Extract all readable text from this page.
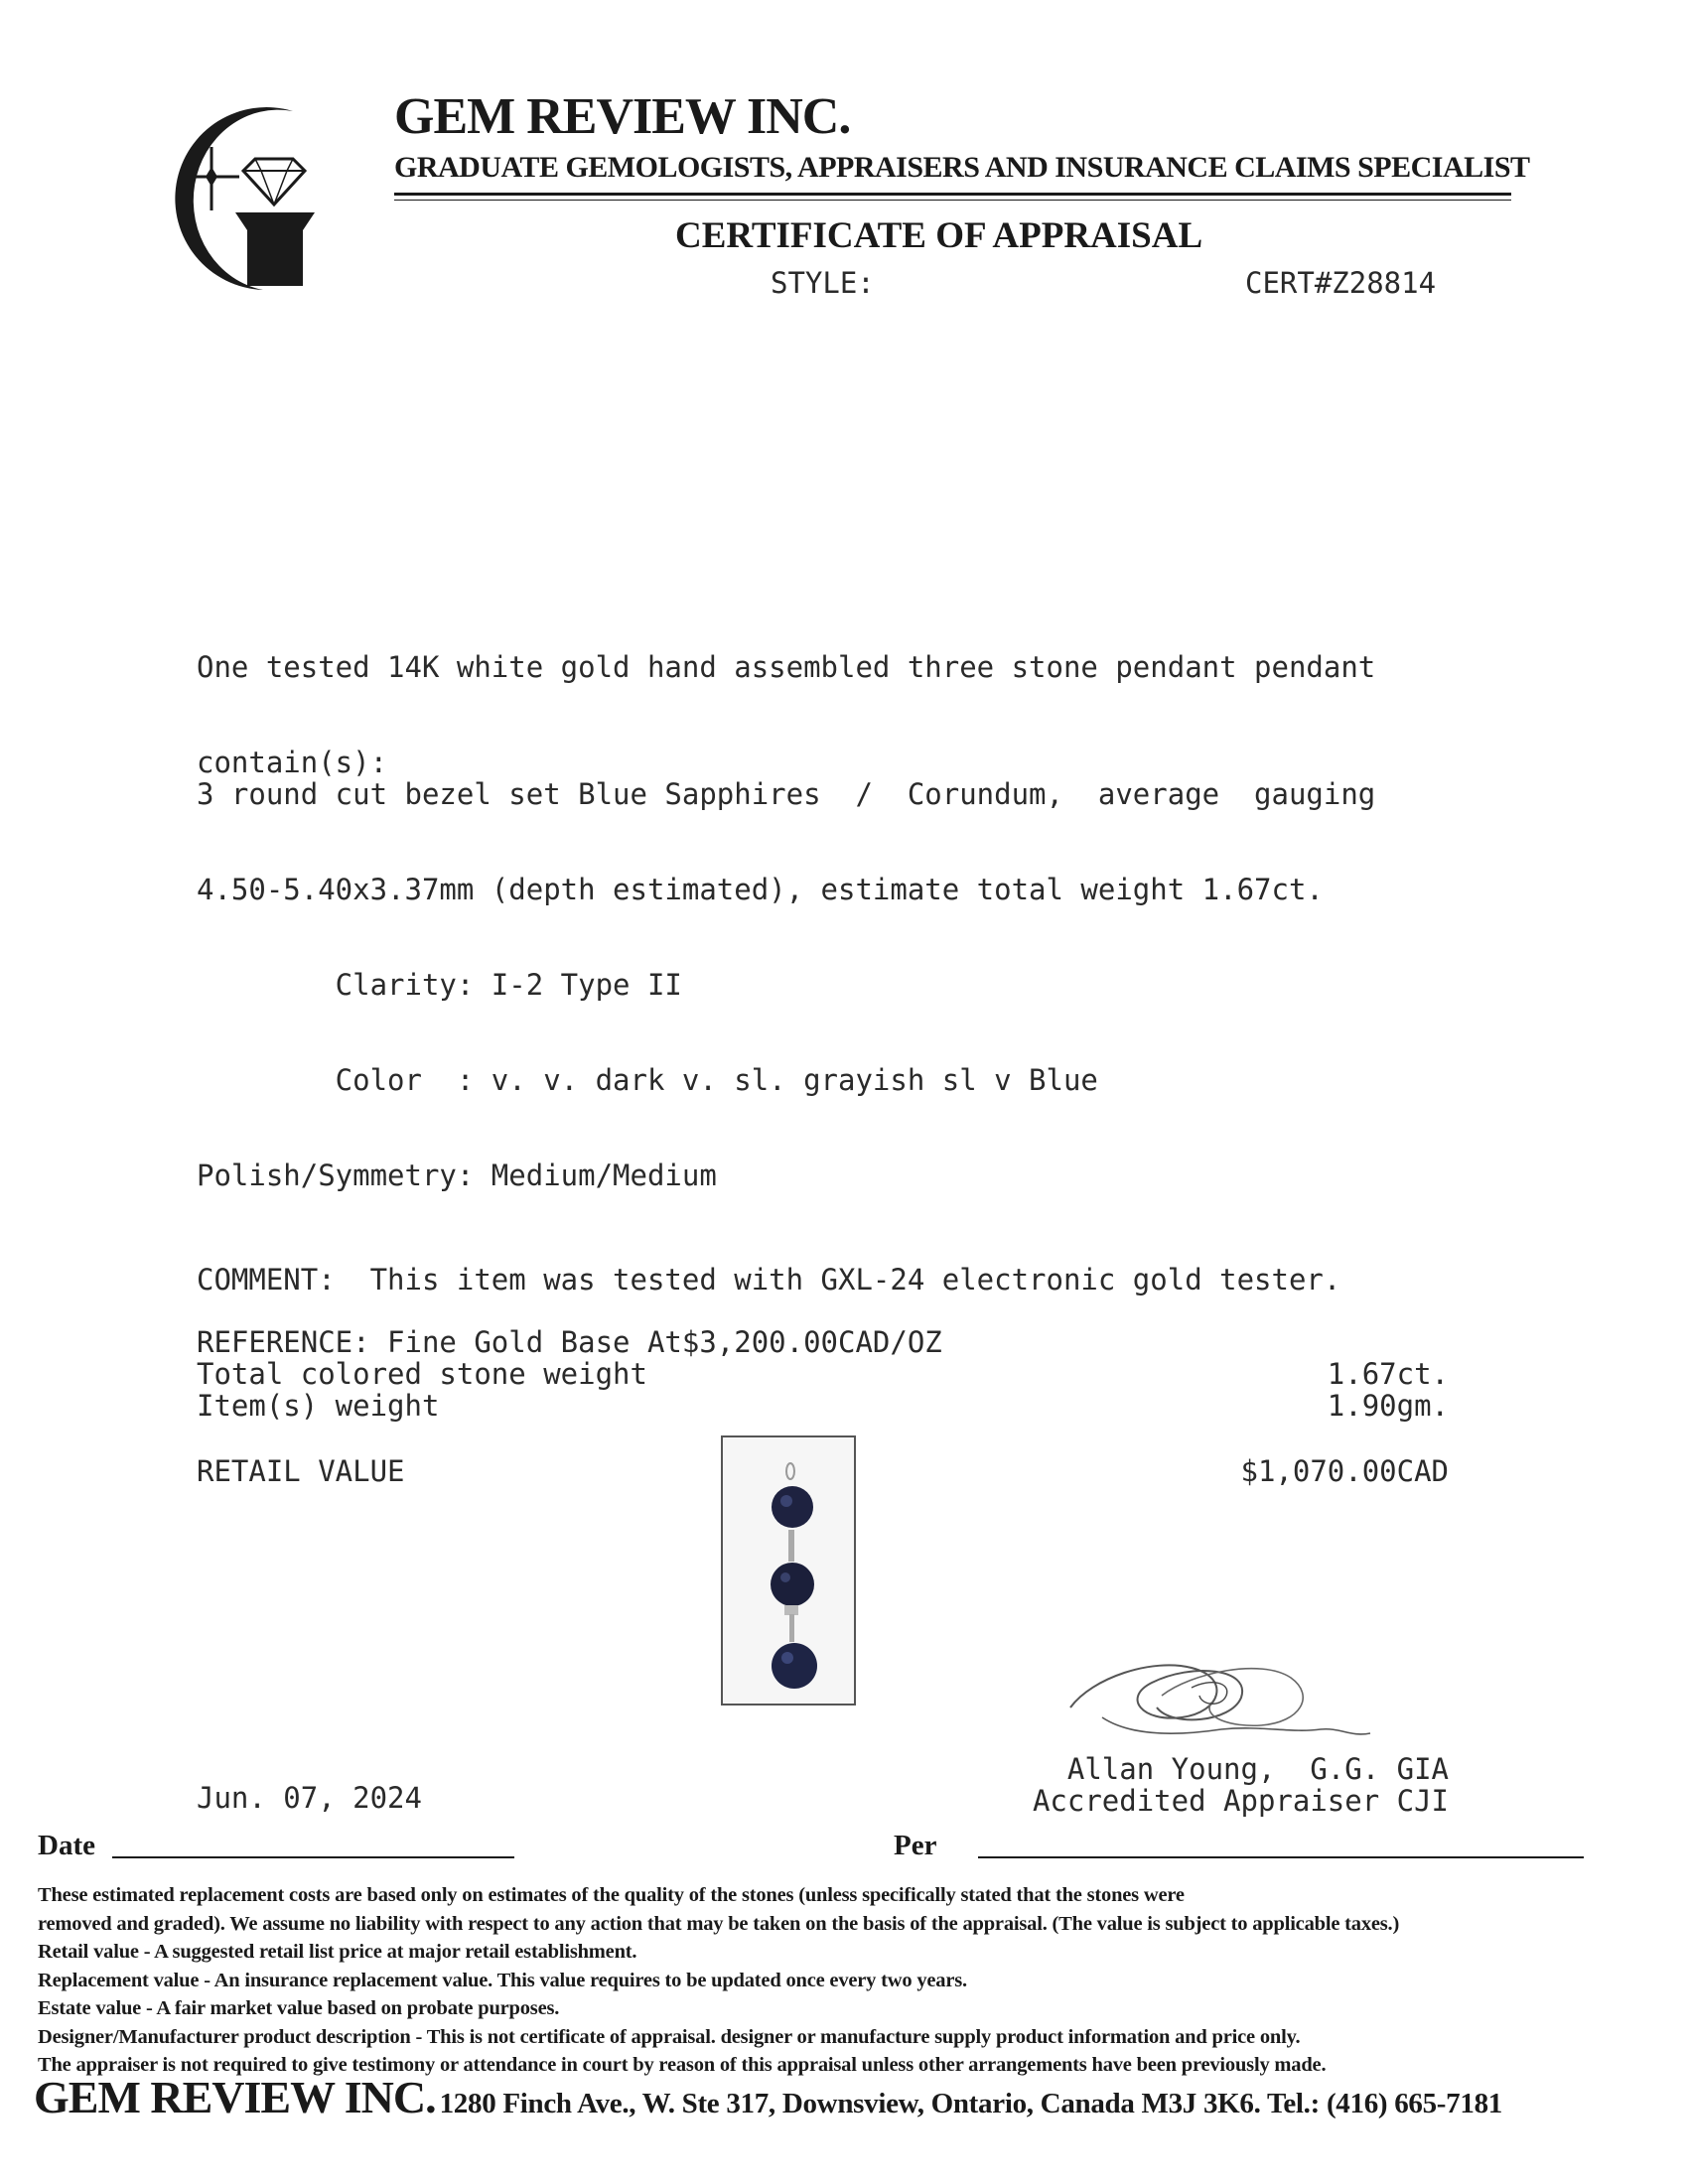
GEM REVIEW INC.
GRADUATE GEMOLOGISTS, APPRAISERS AND INSURANCE CLAIMS SPECIALIST
CERTIFICATE OF APPRAISAL
STYLE:	CERT#Z28814

One tested 14K white gold hand assembled three stone pendant pendant

contain(s):

3 round cut bezel set Blue Sapphires  /  Corundum,  average  gauging

4.50-5.40x3.37mm (depth estimated), estimate total weight 1.67ct.

Clarity: I-2 Type II

Color  : v. v. dark v. sl. grayish sl v Blue

Polish/Symmetry: Medium/Medium

COMMENT:  This item was tested with GXL-24 electronic gold tester.
REFERENCE: Fine Gold Base At$3,200.00CAD/OZ
Total colored stone weight	1.67ct.
Item(s) weight	1.90gm.
RETAIL VALUE	$1,070.00CAD
Allan Young,  G.G. GIA
Accredited Appraiser CJI
Jun. 07, 2024
Date	Per
These estimated replacement costs are based only on estimates of the quality of the stones (unless specifically stated that the stones were
removed and graded). We assume no liability with respect to any action that may be taken on the basis of the appraisal. (The value is subject to applicable taxes.)
Retail value - A suggested retail list price at major retail establishment.
Replacement value - An insurance replacement value. This value requires to be updated once every two years.
Estate value - A fair market value based on probate purposes.
Designer/Manufacturer product description - This is not certificate of appraisal. designer or manufacture supply product information and price only.
The appraiser is not required to give testimony or attendance in court by reason of this appraisal unless other arrangements have been previously made.
GEM REVIEW INC. 1280 Finch Ave., W. Ste 317, Downsview, Ontario, Canada M3J 3K6. Tel.: (416) 665-7181
